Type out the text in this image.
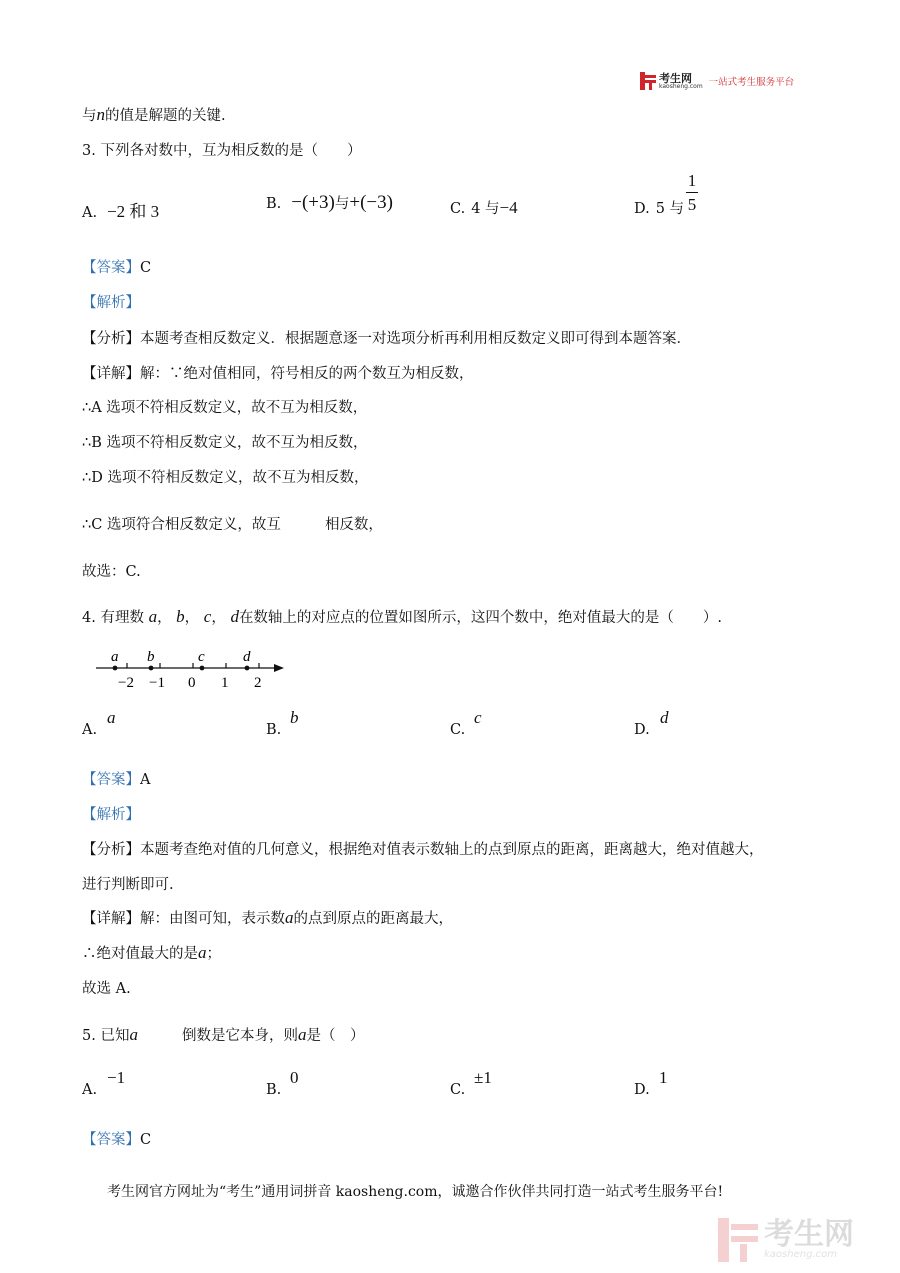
考生网
kaosheng.com 一站式考生服务平台
与n的值是解题的关键.
3. 下列各对数中，互为相反数的是（　　）
A. −2 和 3	B. −(+3)与+(−3)	C. 4 与−4	D. 5 与
1
5
【答案】C
【解析】
【分析】本题考查相反数定义．根据题意逐一对选项分析再利用相反数定义即可得到本题答案．
【详解】解：∵绝对值相同，符号相反的两个数互为相反数，
∴A 选项不符相反数定义，故不互为相反数，
∴B 选项不符相反数定义，故不互为相反数，
∴D 选项不符相反数定义，故不互为相反数，
∴C 选项符合相反数定义，故互	相反数，
故选：C.
4. 有理数 a， b， c， d在数轴上的对应点的位置如图所示，这四个数中，绝对值最大的是（　　）.
a b	c	d
−2 −1 0 1 2
A.
a
B.
b
C.
c
D.
d
【答案】A
【解析】
【分析】本题考查绝对值的几何意义，根据绝对值表示数轴上的点到原点的距离，距离越大，绝对值越大，
进行判断即可.
【详解】解：由图可知，表示数a的点到原点的距离最大，
∴绝对值最大的是a；
故选 A.
5. 已知a	倒数是它本身，则a是（　）
A.
−1
B.
0
C.
±1
D.
1
【答案】C
考生网官方网址为“考生”通用词拼音 kaosheng.com，诚邀合作伙伴共同打造一站式考生服务平台!
考生网
kaosheng.com
